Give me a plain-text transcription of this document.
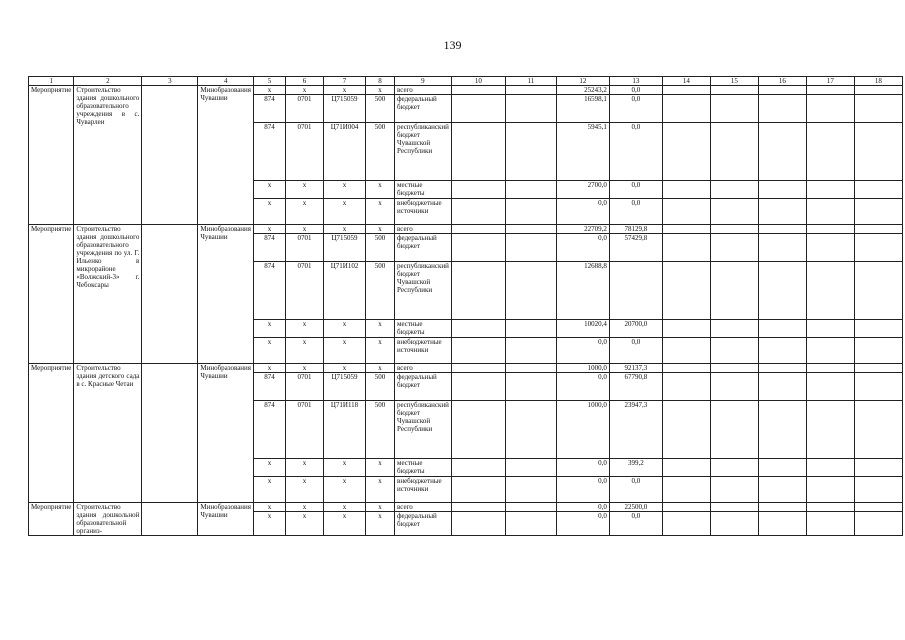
139
1	2	3	4	5	6	7	8	9	10	11	12	13	14	15	16	17	18
Мероприятие	Строительство здания дошкольного образовательного учреждения в с. Чуварлеи		Минобразования Чувашии	х	х	х	х	всего			25243,2	0,0					
				874	0701	Ц715059	500	федеральный бюджет			16598,1	0,0					
				874	0701	Ц71И004	500	республиканский бюджет Чувашской Республики			5945,1	0,0					
				х	х	х	х	местные бюджеты			2700,0	0,0					
				х	х	х	х	внебюджетные источники			0,0	0,0					
Мероприятие	Строительство здания дошкольного образовательного учреждения по ул. Г. Ильенко в микрорайоне «Волжский-3» г. Чебоксары		Минобразования Чувашии	х	х	х	х	всего			22709,2	78129,8					
				874	0701	Ц715059	500	федеральный бюджет			0,0	57429,8					
				874	0701	Ц71И102	500	республиканский бюджет Чувашской Республики			12688,8						
				х	х	х	х	местные бюджеты			10020,4	20700,0					
				х	х	х	х	внебюджетные источники			0,0	0,0					
Мероприятие	Строительство здания детского сада в с. Красные Четаи		Минобразования Чувашии	х	х	х	х	всего			1000,0	92137,3					
				874	0701	Ц715059	500	федеральный бюджет			0,0	67790,8					
				874	0701	Ц71И118	500	республиканский бюджет Чувашской Республики			1000,0	23947,3					
				х	х	х	х	местные бюджеты			0,0	399,2					
				х	х	х	х	внебюджетные источники			0,0	0,0					
Мероприятие	Строительство здания дошкольной образовательной организ-		Минобразования Чувашии	х	х	х	х	всего			0,0	22500,0					
				х	х	х	х	федеральный бюджет			0,0	0,0					
